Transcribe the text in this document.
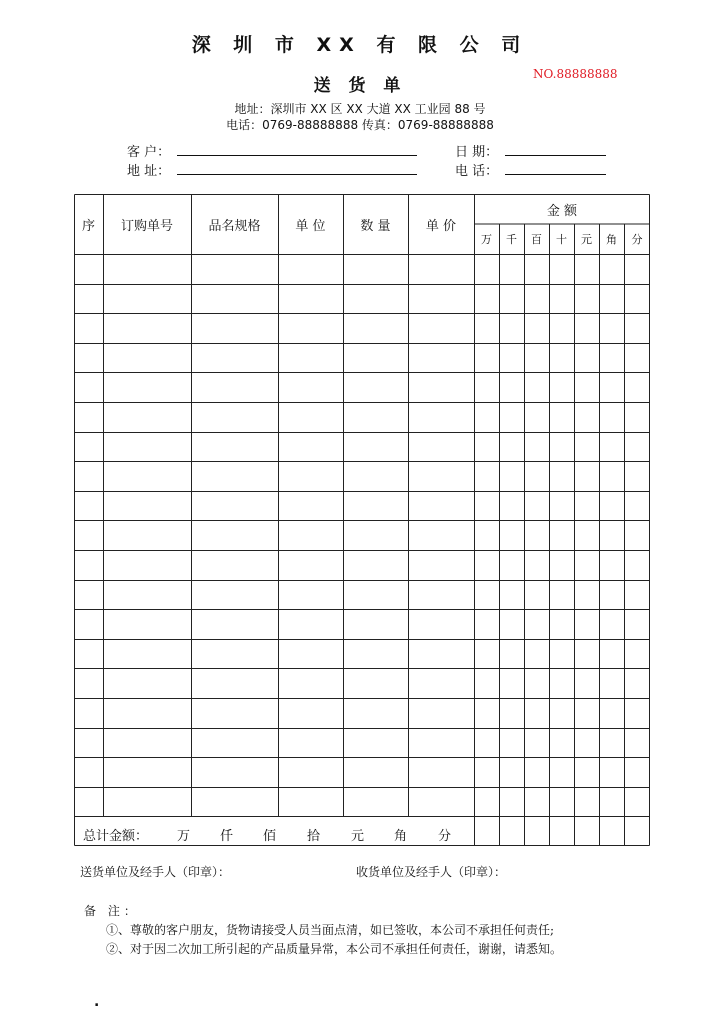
深 圳 市 XX 有 限 公 司
NO.88888888
送 货 单
地址：深圳市 XX 区 XX 大道 XX 工业园 88 号
电话：0769-88888888 传真：0769-88888888
客 户：
地 址：
日 期：
电 话：
序	订购单号	品名规格	单 位	数 量	单 价
金 额
万	千	百	十	元	角	分
总计金额： 万 仟 佰 拾 元 角 分
送货单位及经手人（印章）：	收货单位及经手人（印章）：
备 注：
①、尊敬的客户朋友，货物请接受人员当面点清，如已签收，本公司不承担任何责任;
②、对于因二次加工所引起的产品质量异常，本公司不承担任何责任，谢谢，请悉知。
.
